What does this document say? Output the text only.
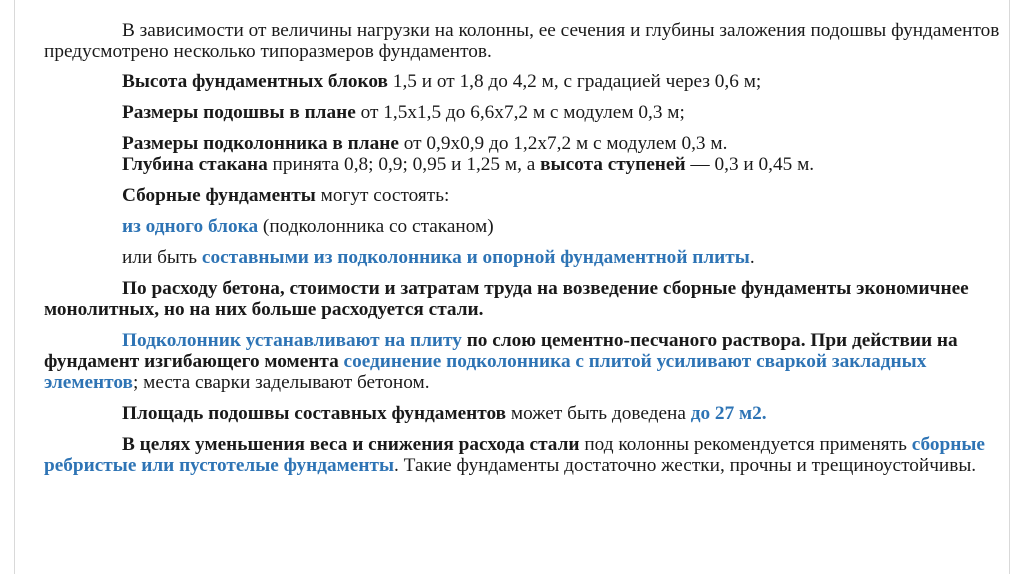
В зависимости от величины нагрузки на колонны, ее сечения и глубины заложения подошвы фундаментов предусмотрено несколько типоразмеров фундаментов.

Высота фундаментных блоков 1,5 и от 1,8 до 4,2 м, с градацией через 0,6 м;

Размеры подошвы в плане от 1,5х1,5 до 6,6х7,2 м с модулем 0,3 м;

Размеры подколонника в плане от 0,9х0,9 до 1,2х7,2 м с модулем 0,3 м.

Глубина стакана принята 0,8; 0,9; 0,95 и 1,25 м, а высота ступеней — 0,3 и 0,45 м.

Сборные фундаменты могут состоять:

из одного блока (подколонника со стаканом)

или быть составными из подколонника и опорной фундаментной плиты.

По расходу бетона, стоимости и затратам труда на возведение сборные фундаменты экономичнее монолитных, но на них больше расходуется стали.

Подколонник устанавливают на плиту по слою цементно-песчаного раствора. При действии на фундамент изгибающего момента соединение подколонника с плитой усиливают сваркой закладных элементов; места сварки заделывают бетоном.

Площадь подошвы составных фундаментов может быть доведена до 27 м2.

В целях уменьшения веса и снижения расхода стали под колонны рекомендуется применять сборные ребристые или пустотелые фундаменты. Такие фундаменты достаточно жестки, прочны и трещиноустойчивы.
